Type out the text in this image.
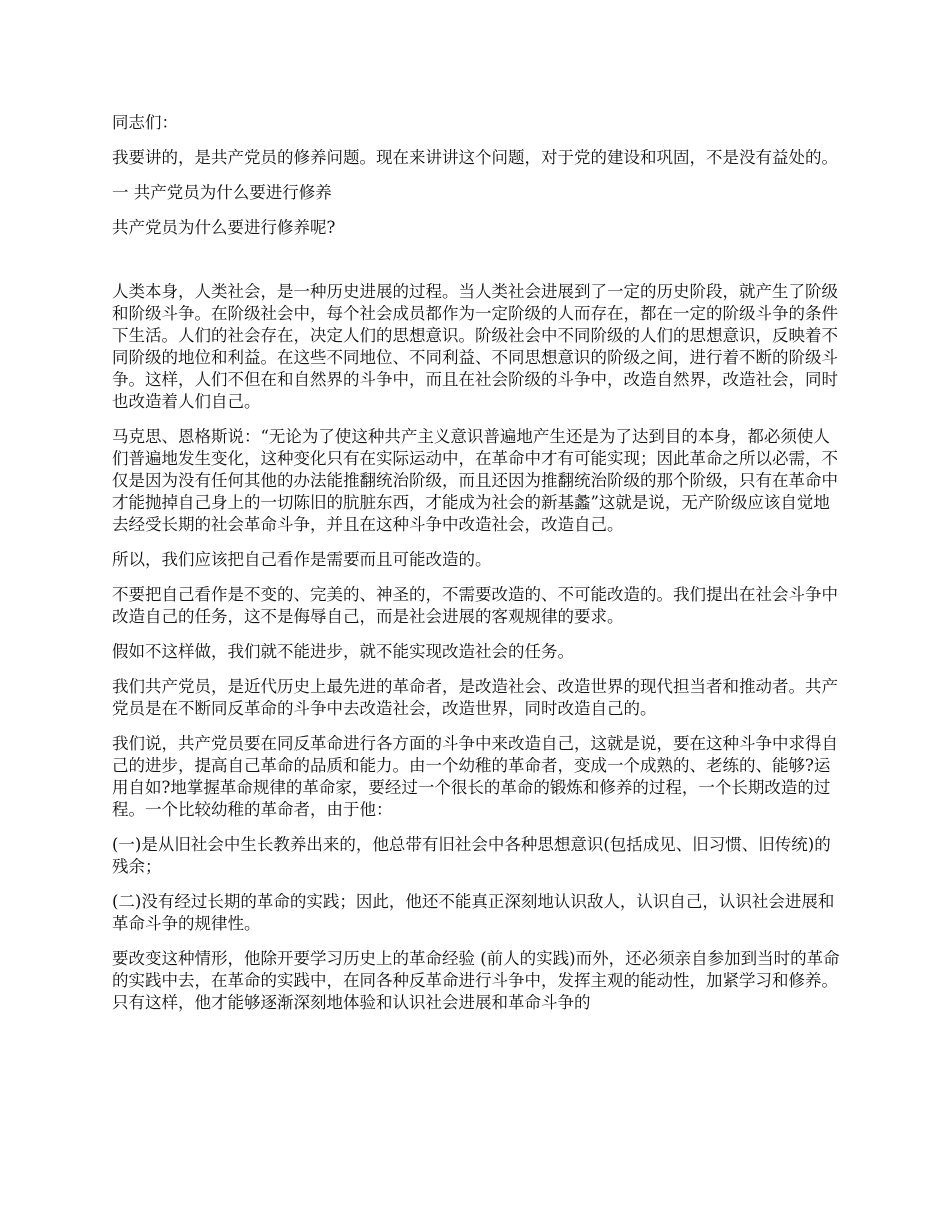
同志们：

我要讲的，是共产党员的修养问题。现在来讲讲这个问题，对于党的建设和巩固，不是没有益处的。

一 共产党员为什么要进行修养

共产党员为什么要进行修养呢?

人类本身，人类社会，是一种历史进展的过程。当人类社会进展到了一定的历史阶段，就产生了阶级和阶级斗争。在阶级社会中，每个社会成员都作为一定阶级的人而存在，都在一定的阶级斗争的条件下生活。人们的社会存在，决定人们的思想意识。阶级社会中不同阶级的人们的思想意识，反映着不同阶级的地位和利益。在这些不同地位、不同利益、不同思想意识的阶级之间，进行着不断的阶级斗争。这样，人们不但在和自然界的斗争中，而且在社会阶级的斗争中，改造自然界，改造社会，同时也改造着人们自己。

马克思、恩格斯说：“无论为了使这种共产主义意识普遍地产生还是为了达到目的本身，都必须使人们普遍地发生变化，这种变化只有在实际运动中，在革命中才有可能实现；因此革命之所以必需，不仅是因为没有任何其他的办法能推翻统治阶级，而且还因为推翻统治阶级的那个阶级，只有在革命中才能抛掉自己身上的一切陈旧的肮脏东西，才能成为社会的新基蠡”这就是说，无产阶级应该自觉地去经受长期的社会革命斗争，并且在这种斗争中改造社会，改造自己。

所以，我们应该把自己看作是需要而且可能改造的。

不要把自己看作是不变的、完美的、神圣的，不需要改造的、不可能改造的。我们提出在社会斗争中改造自己的任务，这不是侮辱自己，而是社会进展的客观规律的要求。

假如不这样做，我们就不能进步，就不能实现改造社会的任务。

我们共产党员，是近代历史上最先进的革命者，是改造社会、改造世界的现代担当者和推动者。共产党员是在不断同反革命的斗争中去改造社会，改造世界，同时改造自己的。

我们说，共产党员要在同反革命进行各方面的斗争中来改造自己，这就是说，要在这种斗争中求得自己的进步，提高自己革命的品质和能力。由一个幼稚的革命者，变成一个成熟的、老练的、能够?运用自如?地掌握革命规律的革命家，要经过一个很长的革命的锻炼和修养的过程，一个长期改造的过程。一个比较幼稚的革命者，由于他：

(一)是从旧社会中生长教养出来的，他总带有旧社会中各种思想意识(包括成见、旧习惯、旧传统)的残余；

(二)没有经过长期的革命的实践；因此，他还不能真正深刻地认识敌人，认识自己，认识社会进展和革命斗争的规律性。

要改变这种情形，他除开要学习历史上的革命经验 (前人的实践)而外，还必须亲自参加到当时的革命的实践中去，在革命的实践中，在同各种反革命进行斗争中，发挥主观的能动性，加紧学习和修养。只有这样，他才能够逐渐深刻地体验和认识社会进展和革命斗争的
